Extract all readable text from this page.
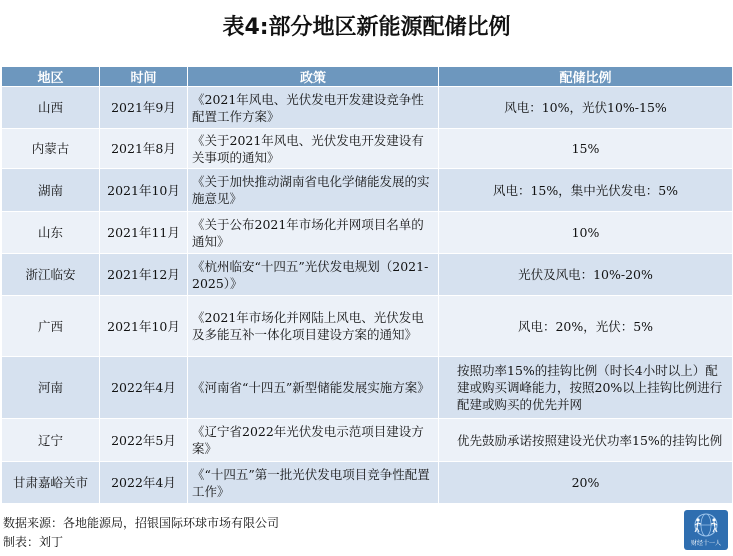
表4:部分地区新能源配储比例
地区	时间	政策	配储比例
山西	2021年9月	《2021年风电、光伏发电开发建设竞争性配置工作方案》	风电：10%，光伏10%-15%
内蒙古	2021年8月	《关于2021年风电、光伏发电开发建设有关事项的通知》	15%
湖南	2021年10月	《关于加快推动湖南省电化学储能发展的实施意见》	风电：15%，集中光伏发电：5%
山东	2021年11月	《关于公布2021年市场化并网项目名单的通知》	10%
浙江临安	2021年12月	《杭州临安“十四五”光伏发电规划（2021-2025）》	光伏及风电：10%-20%
广西	2021年10月	《2021年市场化并网陆上风电、光伏发电及多能互补一体化项目建设方案的通知》	风电：20%，光伏：5%
河南	2022年4月	《河南省“十四五”新型储能发展实施方案》	按照功率15%的挂钩比例（时长4小时以上）配建或购买调峰能力，按照20%以上挂钩比例进行配建或购买的优先并网
辽宁	2022年5月	《辽宁省2022年光伏发电示范项目建设方案》	优先鼓励承诺按照建设光伏功率15%的挂钩比例
甘肃嘉峪关市	2022年4月	《“十四五”第一批光伏发电项目竞争性配置工作》	20%
数据来源：各地能源局，招银国际环球市场有限公司
制表：刘丁	财经十一人
